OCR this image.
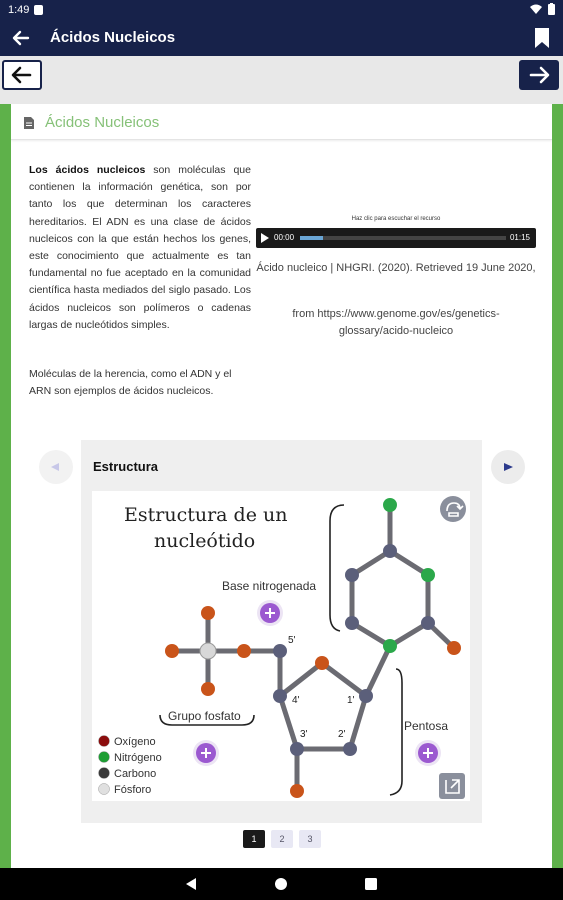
1:49
Ácidos Nucleicos
Ácidos Nucleicos

Los ácidos nucleicos son moléculas que contienen la información genética, son por tanto los que determinan los caracteres hereditarios. El ADN es una clase de ácidos nucleicos con la que están hechos los genes, este conocimiento que actualmente es tan fundamental no fue aceptado en la comunidad científica hasta mediados del siglo pasado. Los ácidos nucleicos son polímeros o cadenas largas de nucleótidos simples.

Moléculas de la herencia, como el ADN y el ARN son ejemplos de ácidos nucleicos.

Haz clic para escuchar el recurso
00:00	01:15

Ácido nucleico | NHGRI. (2020). Retrieved 19 June 2020,

from https://www.genome.gov/es/genetics-glossary/acido-nucleico

Estructura
Estructura de un
nucleótido
5'
4'
3'	2'
1'
Base nitrogenada
Grupo fosfato
Pentosa
Oxígeno
Nitrógeno
Carbono
Fósforo
1	2	3
